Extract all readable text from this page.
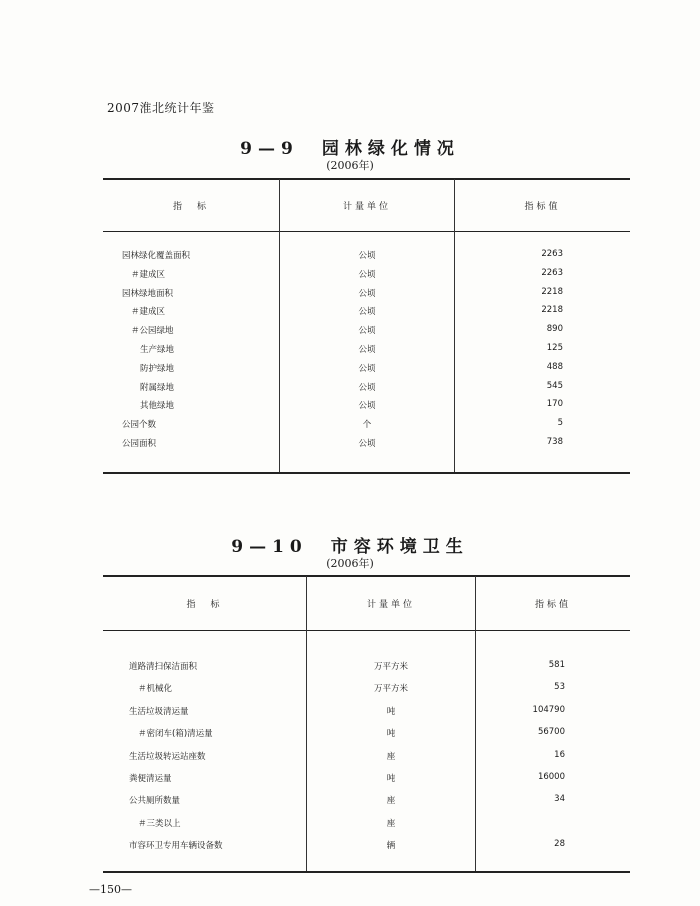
2007淮北统计年鉴
9—9　园林绿化情况
(2006年)
指　标	计量单位	指标值
园林绿化覆盖面积	公顷	2263
＃建成区	公顷	2263
园林绿地面积	公顷	2218
＃建成区	公顷	2218
＃公园绿地	公顷	890
生产绿地	公顷	125
防护绿地	公顷	488
附属绿地	公顷	545
其他绿地	公顷	170
公园个数	个	5
公园面积	公顷	738
9—10　市容环境卫生
(2006年)
指　标	计量单位	指标值
道路清扫保洁面积	万平方米	581
＃机械化	万平方米	53
生活垃圾清运量	吨	104790
＃密闭车(箱)清运量	吨	56700
生活垃圾转运站座数	座	16
粪便清运量	吨	16000
公共厕所数量	座	34
＃三类以上	座
市容环卫专用车辆设备数	辆	28
—150—
